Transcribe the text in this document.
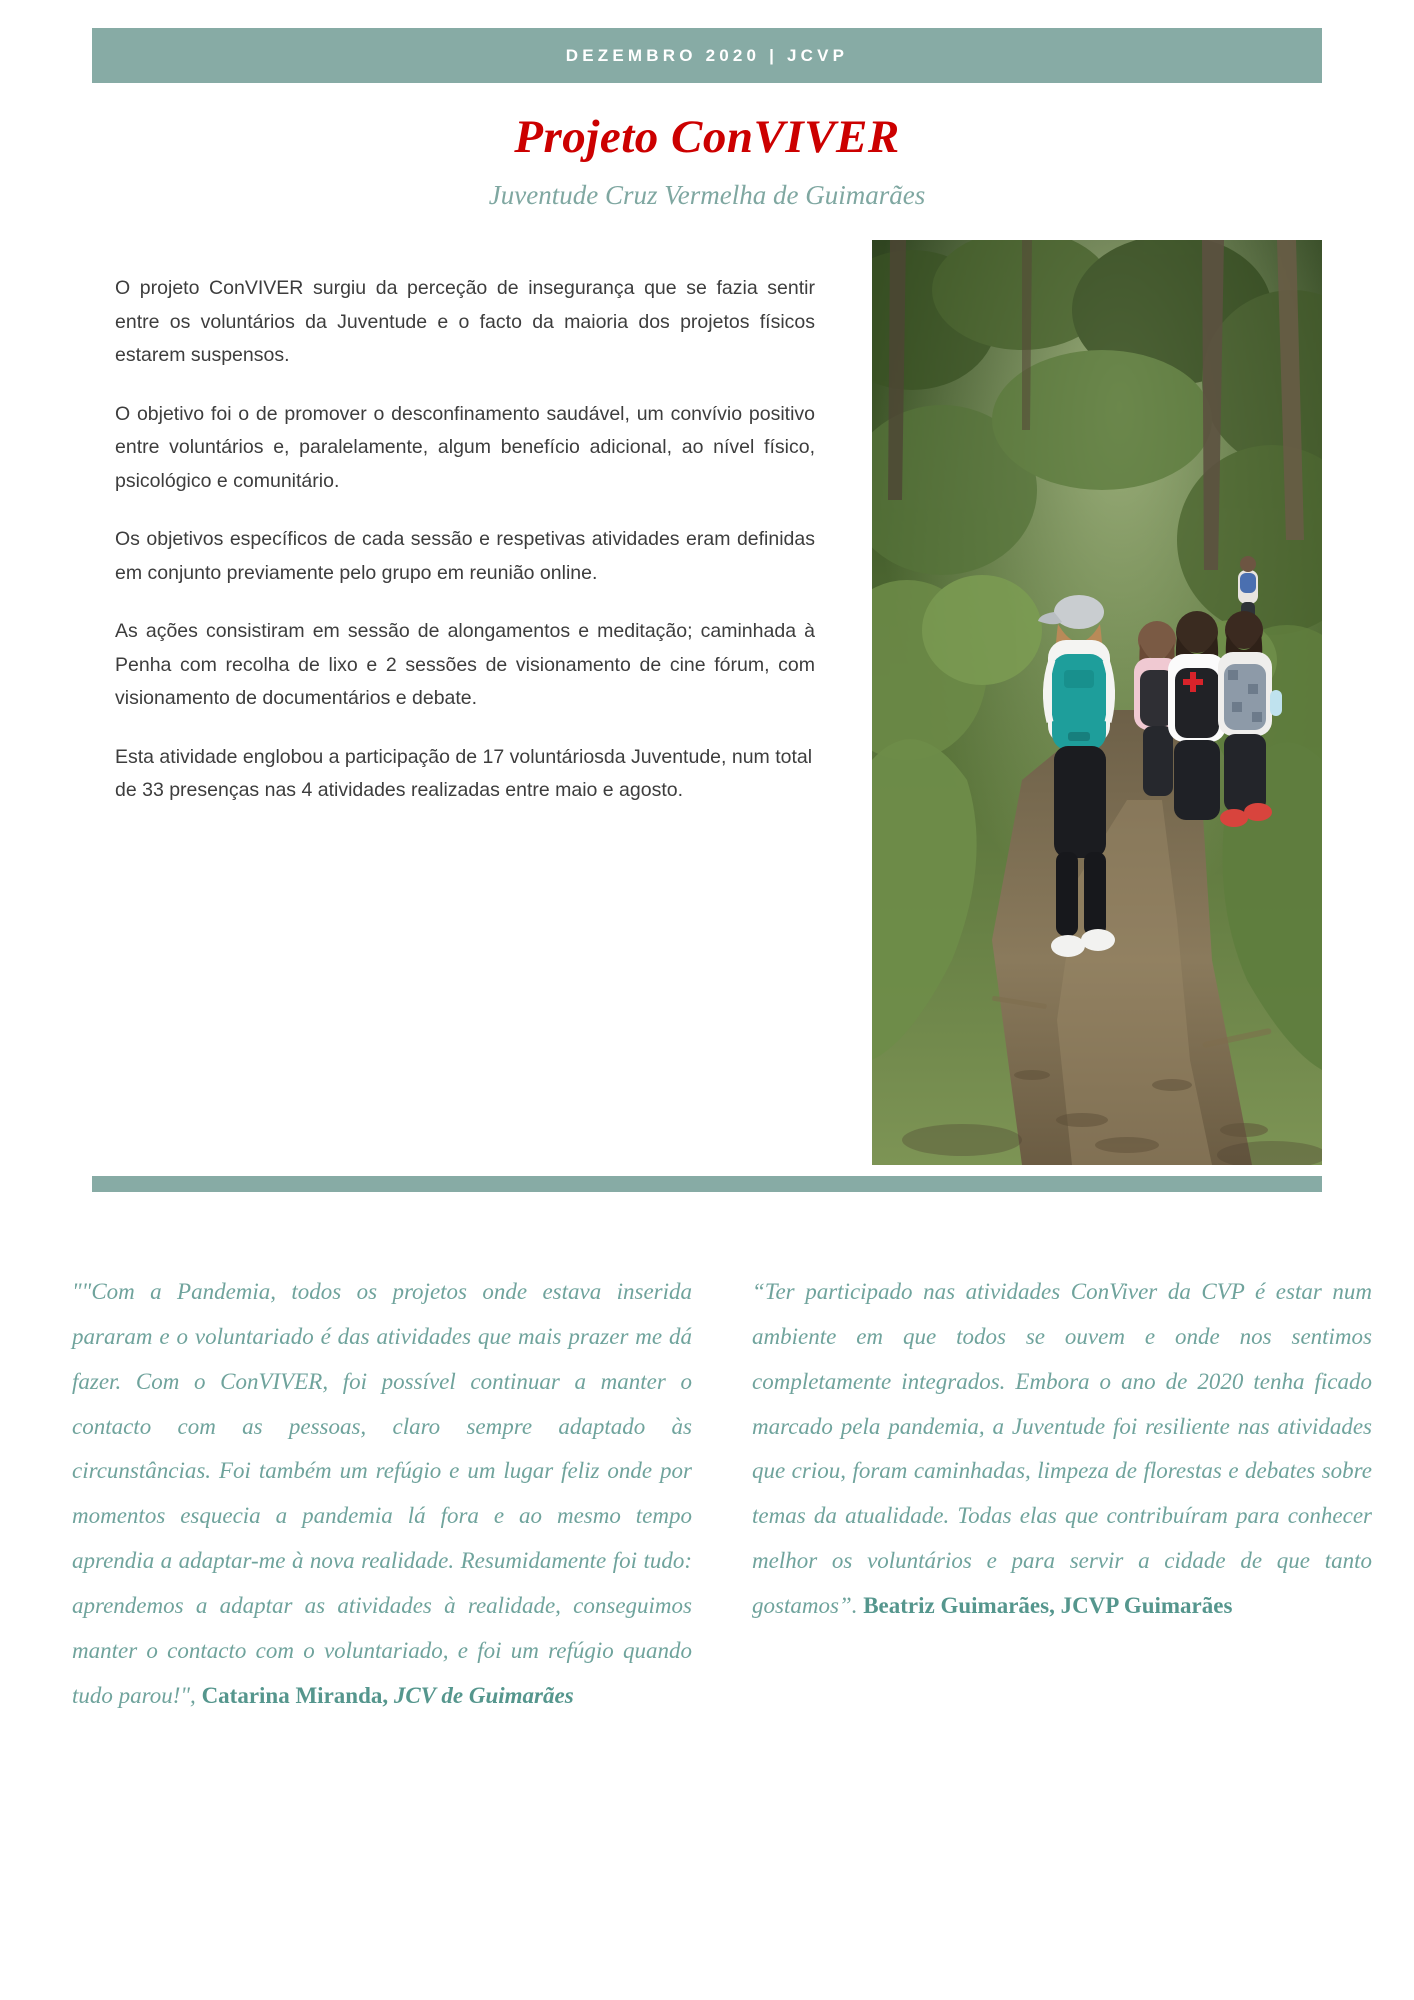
DEZEMBRO 2020 | JCVP
Projeto ConVIVER
Juventude Cruz Vermelha de Guimarães

O projeto ConVIVER surgiu da perceção de insegurança que se fazia sentir entre os voluntários da Juventude e o facto da maioria dos projetos físicos estarem suspensos.

O objetivo foi o de promover o desconfinamento saudável, um convívio positivo entre voluntários e, paralelamente, algum benefício adicional, ao nível físico, psicológico e comunitário.

Os objetivos específicos de cada sessão e respetivas atividades eram definidas em conjunto previamente pelo grupo em reunião online.

As ações consistiram em sessão de alongamentos e meditação; caminhada à Penha com recolha de lixo e 2 sessões de visionamento de cine fórum, com visionamento de documentários e debate.

Esta atividade englobou a participação de 17 voluntáriosda Juventude, num total de 33 presenças nas 4 atividades realizadas entre maio e agosto.

""Com a Pandemia, todos os projetos onde estava inserida pararam e o voluntariado é das atividades que mais prazer me dá fazer. Com o ConVIVER, foi possível continuar a manter o contacto com as pessoas, claro sempre adaptado às circunstâncias. Foi também um refúgio e um lugar feliz onde por momentos esquecia a pandemia lá fora e ao mesmo tempo aprendia a adaptar-me à nova realidade. Resumidamente foi tudo: aprendemos a adaptar as atividades à realidade, conseguimos manter o contacto com o voluntariado, e foi um refúgio quando tudo parou!", Catarina Miranda, JCV de Guimarães
“Ter participado nas atividades ConViver da CVP é estar num ambiente em que todos se ouvem e onde nos sentimos completamente integrados. Embora o ano de 2020 tenha ficado marcado pela pandemia, a Juventude foi resiliente nas atividades que criou, foram caminhadas, limpeza de florestas e debates sobre temas da atualidade. Todas elas que contribuíram para conhecer melhor os voluntários e para servir a cidade de que tanto gostamos”. Beatriz Guimarães, JCVP Guimarães
